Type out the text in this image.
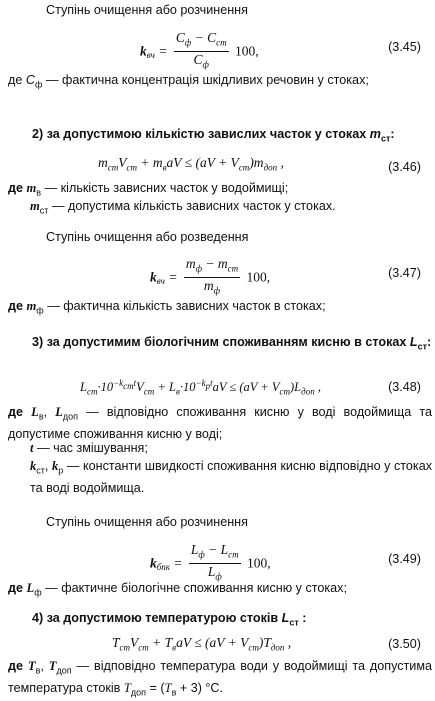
Ступінь очищення або розчинення
$k_{вч} = \frac{C_ф - C_{ст}}{C_ф} 100$,	(3.45)
де $C_ф$ — фактична концентрація шкідливих речовин у стоках;
2) за допустимою кількістю завислих часток у стоках $m_{ст}$:
$m_{ст}V_{ст} + m_вaV \le (aV + V_{ст})m_{доп}$ ,	(3.46)
де $m_в$ — кількість зависних часток у водоймищі;
$m_{ст}$ — допустима кількість зависних часток у стоках.
Ступінь очищення або розведення
$k_{вч} = \frac{m_ф - m_{ст}}{m_ф} 100$,	(3.47)
де $m_ф$ — фактична кількість зависних часток в стоках;
3) за допустимим біологічним споживанням кисню в стоках $L_{ст}$:
$L_{ст}\cdot 10^{-k_{ст}t}V_{ст} + L_в\cdot 10^{-k_рt}aV \le (aV + V_{ст})L_{доп}$ ,	(3.48)
де $L_в$, $L_{доп}$ — відповідно споживання кисню у воді водоймища та допустиме споживання кисню у воді;
t — час змішування;
$k_{ст}$, $k_р$ — константи швидкості споживання кисню відповідно у стоках та воді водоймища.
Ступінь очищення або розчинення
$k_{бпк} = \frac{L_ф - L_{ст}}{L_ф} 100$,	(3.49)
де $L_ф$ — фактичне біологічне споживання кисню у стоках;
4) за допустимою температурою стоків $L_{ст}$ :
$T_{ст}V_{ст} + T_вaV \le (aV + V_{ст})T_{доп}$ ,	(3.50)
де $T_в$, $T_{доп}$ — відповідно температура води у водоймищі та допустима температура стоків $T_{доп} = (T_в + 3)$ °C.
